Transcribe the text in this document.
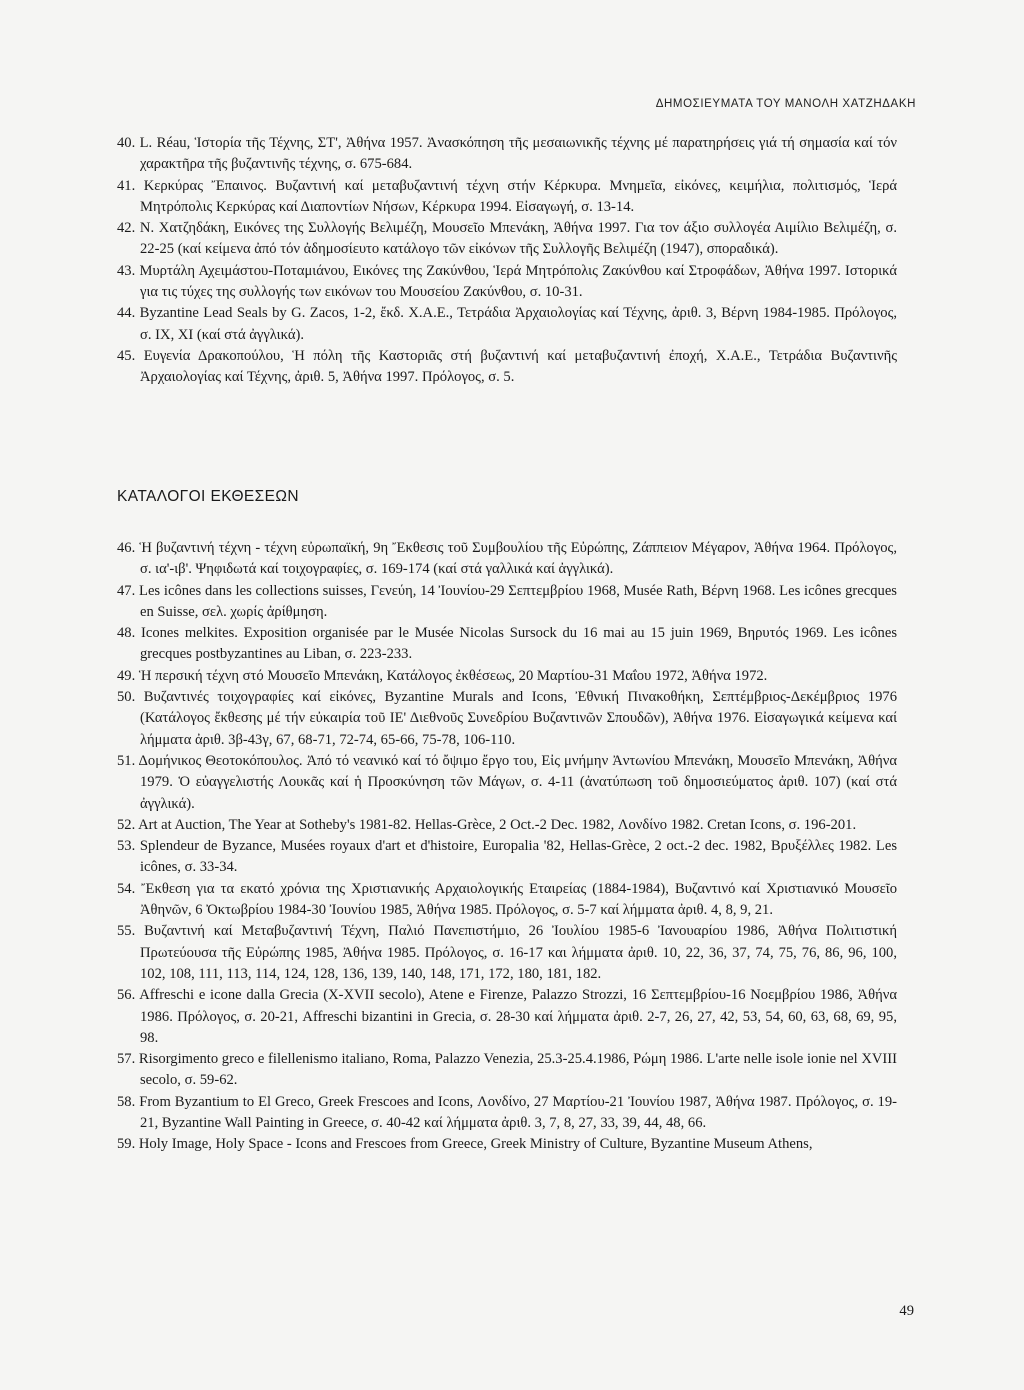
ΔΗΜΟΣΙΕΥΜΑΤΑ ΤΟΥ ΜΑΝΟΛΗ ΧΑΤΖΗΔΑΚΗ
40. L. Réau, Ἱστορία τῆς Τέχνης, ΣΤ', Ἀθήνα 1957. Ἀνασκόπηση τῆς μεσαιωνικῆς τέχνης μέ παρατηρήσεις γιά τή σημασία καί τόν χαρακτῆρα τῆς βυζαντινῆς τέχνης, σ. 675-684.
41. Κερκύρας Ἔπαινος. Βυζαντινή καί μεταβυζαντινή τέχνη στήν Κέρκυρα. Μνημεῖα, εἰκόνες, κειμήλια, πολιτισμός, Ἱερά Μητρόπολις Κερκύρας καί Διαποντίων Νήσων, Κέρκυρα 1994. Εἰσαγωγή, σ. 13-14.
42. Ν. Χατζηδάκη, Εικόνες της Συλλογής Βελιμέζη, Μουσεῖο Μπενάκη, Ἀθήνα 1997. Για τον άξιο συλλογέα Αιμίλιο Βελιμέζη, σ. 22-25 (καί κείμενα ἀπό τόν ἀδημοσίευτο κατάλογο τῶν εἰκόνων τῆς Συλλογῆς Βελιμέζη (1947), σποραδικά).
43. Μυρτάλη Αχειμάστου-Ποταμιάνου, Εικόνες της Ζακύνθου, Ἱερά Μητρόπολις Ζακύνθου καί Στροφάδων, Ἀθήνα 1997. Ιστορικά για τις τύχες της συλλογής των εικόνων του Μουσείου Ζακύνθου, σ. 10-31.
44. Byzantine Lead Seals by G. Zacos, 1-2, ἔκδ. Χ.Α.Ε., Τετράδια Ἀρχαιολογίας καί Τέχνης, ἀριθ. 3, Βέρνη 1984-1985. Πρόλογος, σ. IX, XI (καί στά ἀγγλικά).
45. Ευγενία Δρακοπούλου, Ἡ πόλη τῆς Καστοριᾶς στή βυζαντινή καί μεταβυζαντινή ἐποχή, Χ.Α.Ε., Τετράδια Βυζαντινῆς Ἀρχαιολογίας καί Τέχνης, ἀριθ. 5, Ἀθήνα 1997. Πρόλογος, σ. 5.
ΚΑΤΑΛΟΓΟΙ ΕΚΘΕΣΕΩΝ
46. Ἡ βυζαντινή τέχνη - τέχνη εὐρωπαϊκή, 9η Ἔκθεσις τοῦ Συμβουλίου τῆς Εὐρώπης, Ζάππειον Μέγαρον, Ἀθήνα 1964. Πρόλογος, σ. ια'-ιβ'. Ψηφιδωτά καί τοιχογραφίες, σ. 169-174 (καί στά γαλλικά καί ἀγγλικά).
47. Les icônes dans les collections suisses, Γενεύη, 14 Ἰουνίου-29 Σεπτεμβρίου 1968, Musée Rath, Βέρνη 1968. Les icônes grecques en Suisse, σελ. χωρίς ἀρίθμηση.
48. Icones melkites. Exposition organisée par le Musée Nicolas Sursock du 16 mai au 15 juin 1969, Βηρυτός 1969. Les icônes grecques postbyzantines au Liban, σ. 223-233.
49. Ἡ περσική τέχνη στό Μουσεῖο Μπενάκη, Κατάλογος ἐκθέσεως, 20 Μαρτίου-31 Μαΐου 1972, Ἀθήνα 1972.
50. Βυζαντινές τοιχογραφίες καί εἰκόνες, Byzantine Murals and Icons, Ἐθνική Πινακοθήκη, Σεπτέμβριος-Δεκέμβριος 1976 (Κατάλογος ἔκθεσης μέ τήν εὐκαιρία τοῦ ΙΕ' Διεθνοῦς Συνεδρίου Βυζαντινῶν Σπουδῶν), Ἀθήνα 1976. Εἰσαγωγικά κείμενα καί λήμματα ἀριθ. 3β-43γ, 67, 68-71, 72-74, 65-66, 75-78, 106-110.
51. Δομήνικος Θεοτοκόπουλος. Ἀπό τό νεανικό καί τό ὄψιμο ἔργο του, Εἰς μνήμην Ἀντωνίου Μπενάκη, Μουσεῖο Μπενάκη, Ἀθήνα 1979. Ὁ εὐαγγελιστής Λουκᾶς καί ἡ Προσκύνηση τῶν Μάγων, σ. 4-11 (ἀνατύπωση τοῦ δημοσιεύματος ἀριθ. 107) (καί στά ἀγγλικά).
52. Art at Auction, The Year at Sotheby's 1981-82. Hellas-Grèce, 2 Oct.-2 Dec. 1982, Λονδίνο 1982. Cretan Icons, σ. 196-201.
53. Splendeur de Byzance, Musées royaux d'art et d'histoire, Europalia '82, Hellas-Grèce, 2 oct.-2 dec. 1982, Βρυξέλλες 1982. Les icônes, σ. 33-34.
54. Ἔκθεση για τα εκατό χρόνια της Χριστιανικής Αρχαιολογικής Εταιρείας (1884-1984), Βυζαντινό καί Χριστιανικό Μουσεῖο Ἀθηνῶν, 6 Ὀκτωβρίου 1984-30 Ἰουνίου 1985, Ἀθήνα 1985. Πρόλογος, σ. 5-7 καί λήμματα ἀριθ. 4, 8, 9, 21.
55. Βυζαντινή καί Μεταβυζαντινή Τέχνη, Παλιό Πανεπιστήμιο, 26 Ἰουλίου 1985-6 Ἰανουαρίου 1986, Ἀθήνα Πολιτιστική Πρωτεύουσα τῆς Εὐρώπης 1985, Ἀθήνα 1985. Πρόλογος, σ. 16-17 και λήμματα ἀριθ. 10, 22, 36, 37, 74, 75, 76, 86, 96, 100, 102, 108, 111, 113, 114, 124, 128, 136, 139, 140, 148, 171, 172, 180, 181, 182.
56. Affreschi e icone dalla Grecia (X-XVII secolo), Atene e Firenze, Palazzo Strozzi, 16 Σεπτεμβρίου-16 Νοεμβρίου 1986, Ἀθήνα 1986. Πρόλογος, σ. 20-21, Affreschi bizantini in Grecia, σ. 28-30 καί λήμματα ἀριθ. 2-7, 26, 27, 42, 53, 54, 60, 63, 68, 69, 95, 98.
57. Risorgimento greco e filellenismo italiano, Roma, Palazzo Venezia, 25.3-25.4.1986, Ρώμη 1986. L'arte nelle isole ionie nel XVIII secolo, σ. 59-62.
58. From Byzantium to El Greco, Greek Frescoes and Icons, Λονδίνο, 27 Μαρτίου-21 Ἰουνίου 1987, Ἀθήνα 1987. Πρόλογος, σ. 19-21, Byzantine Wall Painting in Greece, σ. 40-42 καί λήμματα ἀριθ. 3, 7, 8, 27, 33, 39, 44, 48, 66.
59. Holy Image, Holy Space - Icons and Frescoes from Greece, Greek Ministry of Culture, Byzantine Museum Athens,
49
